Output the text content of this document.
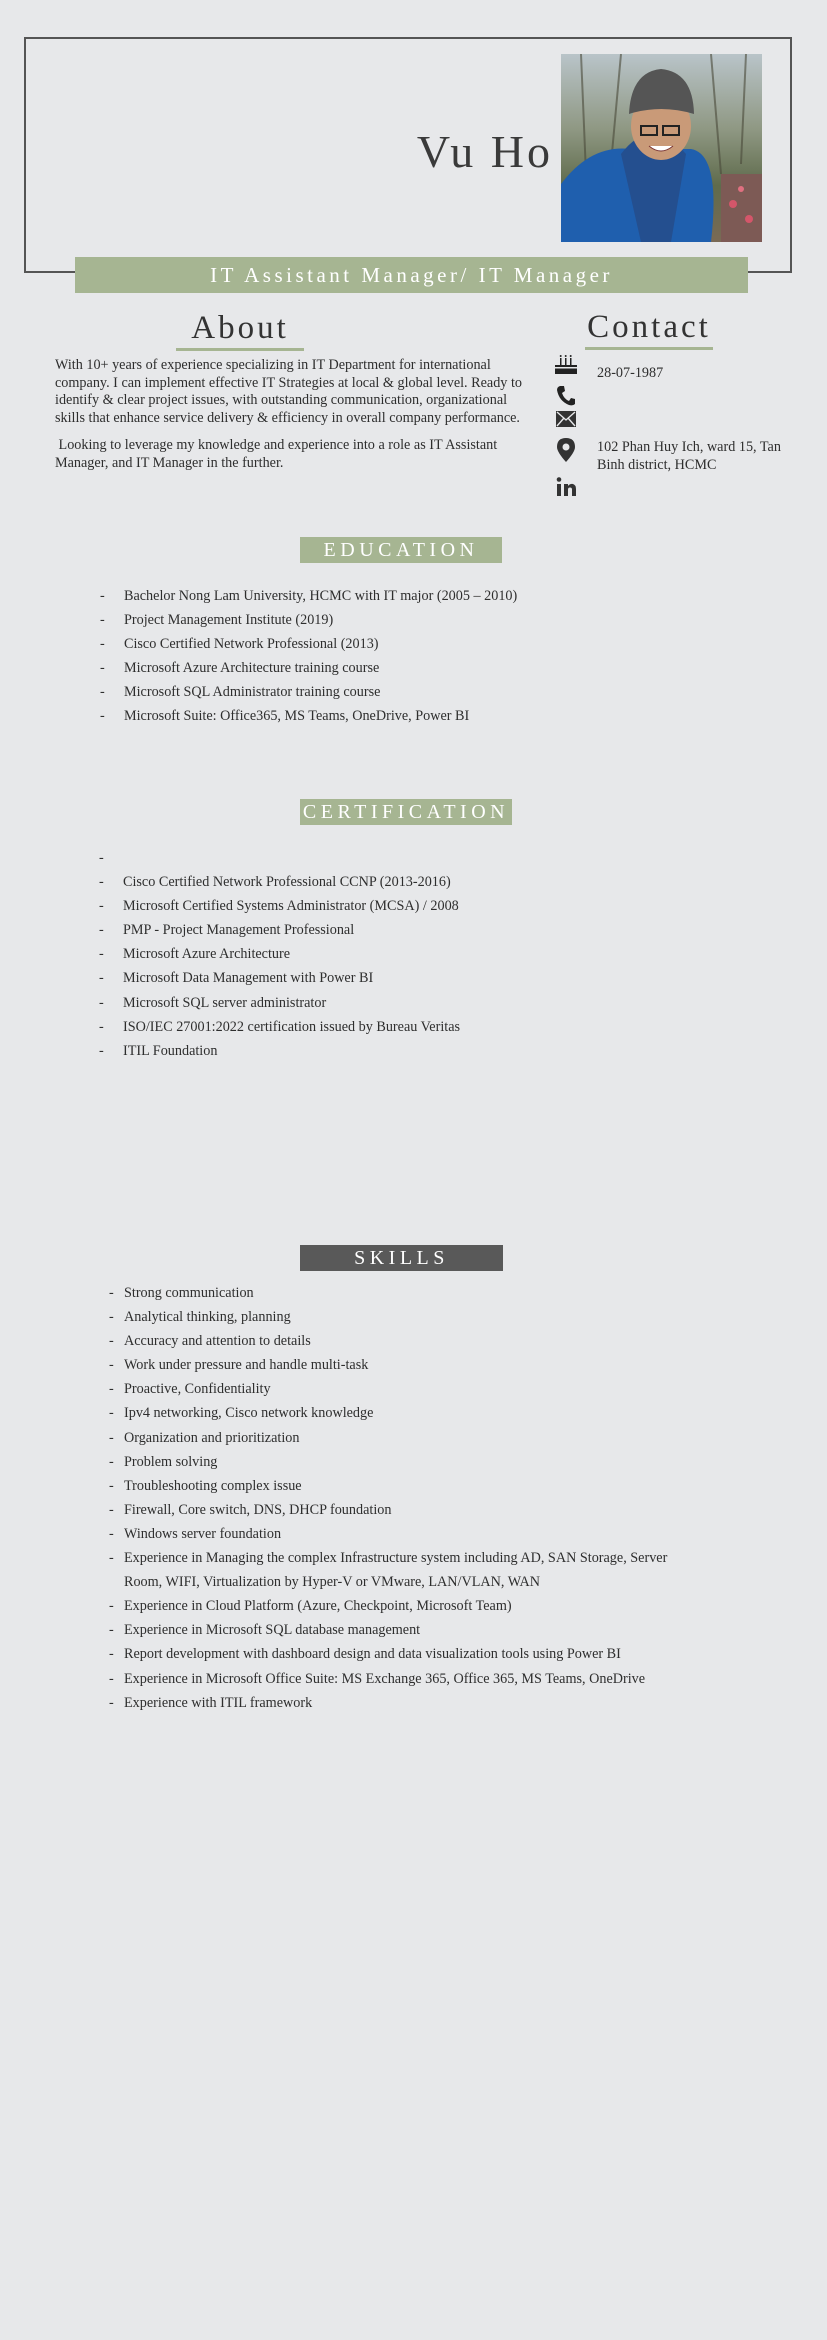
Vu Ho
IT Assistant Manager/ IT Manager
About
With 10+ years of experience specializing in IT Department for international company. I can implement effective IT Strategies at local & global level. Ready to identify & clear project issues, with outstanding communication, organizational skills that enhance service delivery & efficiency in overall company performance.
Looking to leverage my knowledge and experience into a role as IT Assistant Manager, and IT Manager in the further.
Contact
28-07-1987
102 Phan Huy Ich, ward 15, Tan Binh district, HCMC
EDUCATION
- Bachelor Nong Lam University, HCMC with IT major (2005 – 2010)
- Project Management Institute (2019)
- Cisco Certified Network Professional (2013)
- Microsoft Azure Architecture training course
- Microsoft SQL Administrator training course
- Microsoft Suite: Office365, MS Teams, OneDrive, Power BI
CERTIFICATION
-
- Cisco Certified Network Professional CCNP (2013-2016)
- Microsoft Certified Systems Administrator (MCSA) / 2008
- PMP - Project Management Professional
- Microsoft Azure Architecture
- Microsoft Data Management with Power BI
- Microsoft SQL server administrator
- ISO/IEC 27001:2022 certification issued by Bureau Veritas
- ITIL Foundation
SKILLS
- Strong communication
- Analytical thinking, planning
- Accuracy and attention to details
- Work under pressure and handle multi-task
- Proactive, Confidentiality
- Ipv4 networking, Cisco network knowledge
- Organization and prioritization
- Problem solving
- Troubleshooting complex issue
- Firewall, Core switch, DNS, DHCP foundation
- Windows server foundation
- Experience in Managing the complex Infrastructure system including AD, SAN Storage, Server Room, WIFI, Virtualization by Hyper-V or VMware, LAN/VLAN, WAN
- Experience in Cloud Platform (Azure, Checkpoint, Microsoft Team)
- Experience in Microsoft SQL database management
- Report development with dashboard design and data visualization tools using Power BI
- Experience in Microsoft Office Suite: MS Exchange 365, Office 365, MS Teams, OneDrive
- Experience with ITIL framework
